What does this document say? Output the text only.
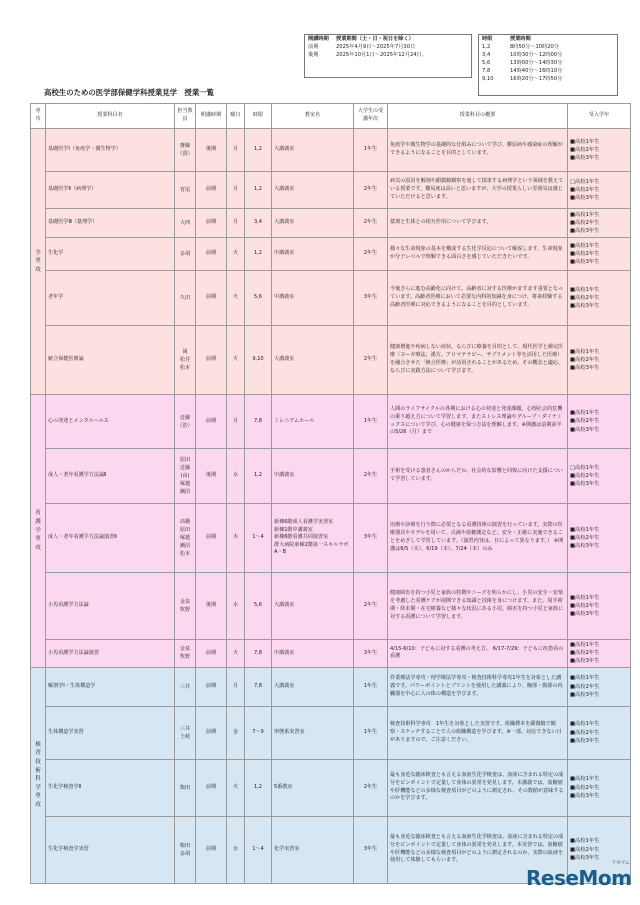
開講時期	授業期間（土・日・祝日を除く）
前期	2025年4月9日～2025年7月30日
後期	2025年10月1日～2025年12月24日、
時限	授業時間
1,2	8時50分～10時20分
3,4	10時30分～12時00分
5,6	13時00分～14時30分
7,8	14時40分～16時10分
9,10	16時20分～17時50分
高校生のための医学部保健学科授業見学　授業一覧
専攻	授業科目名	担当教員	開講時期	曜日	時限	教室名	大学生の受講年次	授業科目の概要	受入学年
全専攻	基礎医学Ⅰ（免疫学・微生物学）	齋藤（貴）	後期	月	1,2	大講義室	1年生	免疫学や微生物学の基礎的な仕組みについて学び、膠原病や感染症の理解ができるようになることを目的としています。	■高校1年生
■高校2年生
■高校3年生
	基礎医学Ⅱ（病理学）	宵尾	前期	月	1,2	大講義室	2年生	病気の原因を解剖や顕微鏡観察を通して探求する病理学という領域を教えている授業です。難易度は高いと思いますが、大学の授業らしい雰囲気は感じていただけると思います。	□高校1年生
■高校2年生
■高校3年生
	基礎医学Ⅲ（薬理学）	大西	前期	月	3,4	大講義室	2年生	薬剤と生体との相互作用について学びます。	■高校1年生
■高校2年生
■高校3年生
	生化学	多胡	前期	火	1,2	中講義室	2年生	様々な生命現象の基本を構成する生化学反応について解説します。生命現象が分子レベルで理解できる面白さを感じていただきたいです。	■高校1年生
■高校2年生
■高校3年生
	老年学	久田	前期	火	5,6	中講義室	3年生	今後さらに進む高齢化に向けて、高齢者に対する医療がますます重要となっています。高齢者医療において必要な内科的知識を身につけ、将来経験する高齢者医療に対応できるようになることを目的としています。	■高校1年生
■高校2年生
■高校3年生
	統合保健医療論	岡
松井
松本	前期	火	9,10	大講義室	2年生	健康増進や疾病しない症状、ならびに療養を目的として、現代医学と補完医療（ヨーガ療法、漢方、アロマテラピー、サプリメント等を活用した医療）を融合させた「統合医療」が活用されることがあるため、その概念と適応、ならびに実践方法について学びます。	■高校1年生
■高校2年生
■高校3年生
看護学専攻	心の発達とメンタルヘルス	近藤（浩）	前期	月	7,8	ミレニアムホール	1年生	人間のライフサイクルの各期における心の発達と発達課題、心理社会的危機の乗り越え方について学習します。またストレス理論やグループ・ダイナミックスについて学び、心の健康を保つ方法を理解します。※開講は前期前半の5/26（月）まで	■高校1年生
■高校2年生
■高校3年生
	成人・老年看護学方法論Ⅱ	原田
近藤
(由)
塚越
瀬沼	後期	水	1,2	中講義室	2年生	手術を受ける患者さんのからだの、社会的な影響と回復に向けた支援について学習しています。	□高校1年生
■高校2年生
■高校3年生
	成人・老年看護学方法論演習Ⅱ	高橋
原田
塚越
瀬沼
松本	前期	木	1～4	新棟6階成人看護学実習室
新棟1階中講義室
新棟6階看護共同演習室
群大病院東棟2階第一スキルラボA・B	3年生	治療や診療を行う際に必要となる看護技術の演習を行っています。実際の医療器具やモデルを用いて、点滴や血糖測定など、安全・正確に実施できることをめざして学習しています。（演習内容は、日によって異なります。） ※開講は6/5（木）、6/19（木）、7/24（木）のみ	■高校1年生
■高校2年生
■高校3年生
	小児看護学方法論	金泉
牧野	後期	水	5,6	大講義室	2年生	健康障害を持つ小児と家族の特徴やニーズを明らかにし、小児の安全・安楽を考慮した看護ケアが展開できる知識と技術を身につけます。また、周手術期・終末期・在宅療養など様々な状況にある小児、障害を持つ小児と家族に対する看護について学習します。	■高校1年生
■高校2年生
■高校3年生
	小児看護学方法論演習	金泉
牧野	前期	火	7,8	中講義室	3年生	4/15-6/10：子どもに対する看護の考え方、 6/17-7/29：子どもに疾患看の看護	■高校1年生
■高校2年生
■高校3年生
検査技術科学専攻	解剖学Ⅰ・生体構造学	三井	前期	月	7,8	大講義室	1年生	作業療法学専攻・理学療法学専攻・検査技術科学専攻1年生を対象とした講義です。パワーポイントとプリントを使用した講義により、胸部・腹部の内臓器を中心に人の体の構造を学びます。	■高校1年生
■高校2年生
■高校3年生
	生体構造学実習	三井
土岐	前期	金	7～9	形態系実習室	1年生	検査技術科学専攻　1年生を対象とした実習です。組織標本を顕微鏡で観察・スケッチすることで人の組織構造を学びます。※一部、対応できない日がありますので、ご注意ください。	■高校1年生
■高校2年生
■高校3年生
	生化学検査学Ⅱ	柴田	前期	火	1,2	5番教室	2年生	最も身近な臨床検査とも言える血液生化学検査は、血液に含まれる特定の成分をピンポイントで定量して身体の異常を発見します。本講義では、血糖値や肝機能などの多様な検査項目がどのように測定され、その数値が意味するのかを学びます。	■高校1年生
■高校2年生
■高校3年生
	生化学検査学実習	柴田
多胡	前期	水	1～4	化学実習室	3年生	最も身近な臨床検査とも言える血液生化学検査は、血液に含まれる特定の成分をピンポイントで定量して身体の異常を発見します。本実習では、血糖値や肝機能などの多様な検査項目がどのように測定されるのか、実際の血液を使用して体験してもらいます。	■高校1年生
■高校2年生
■高校3年生
リセマム
ReseMom
